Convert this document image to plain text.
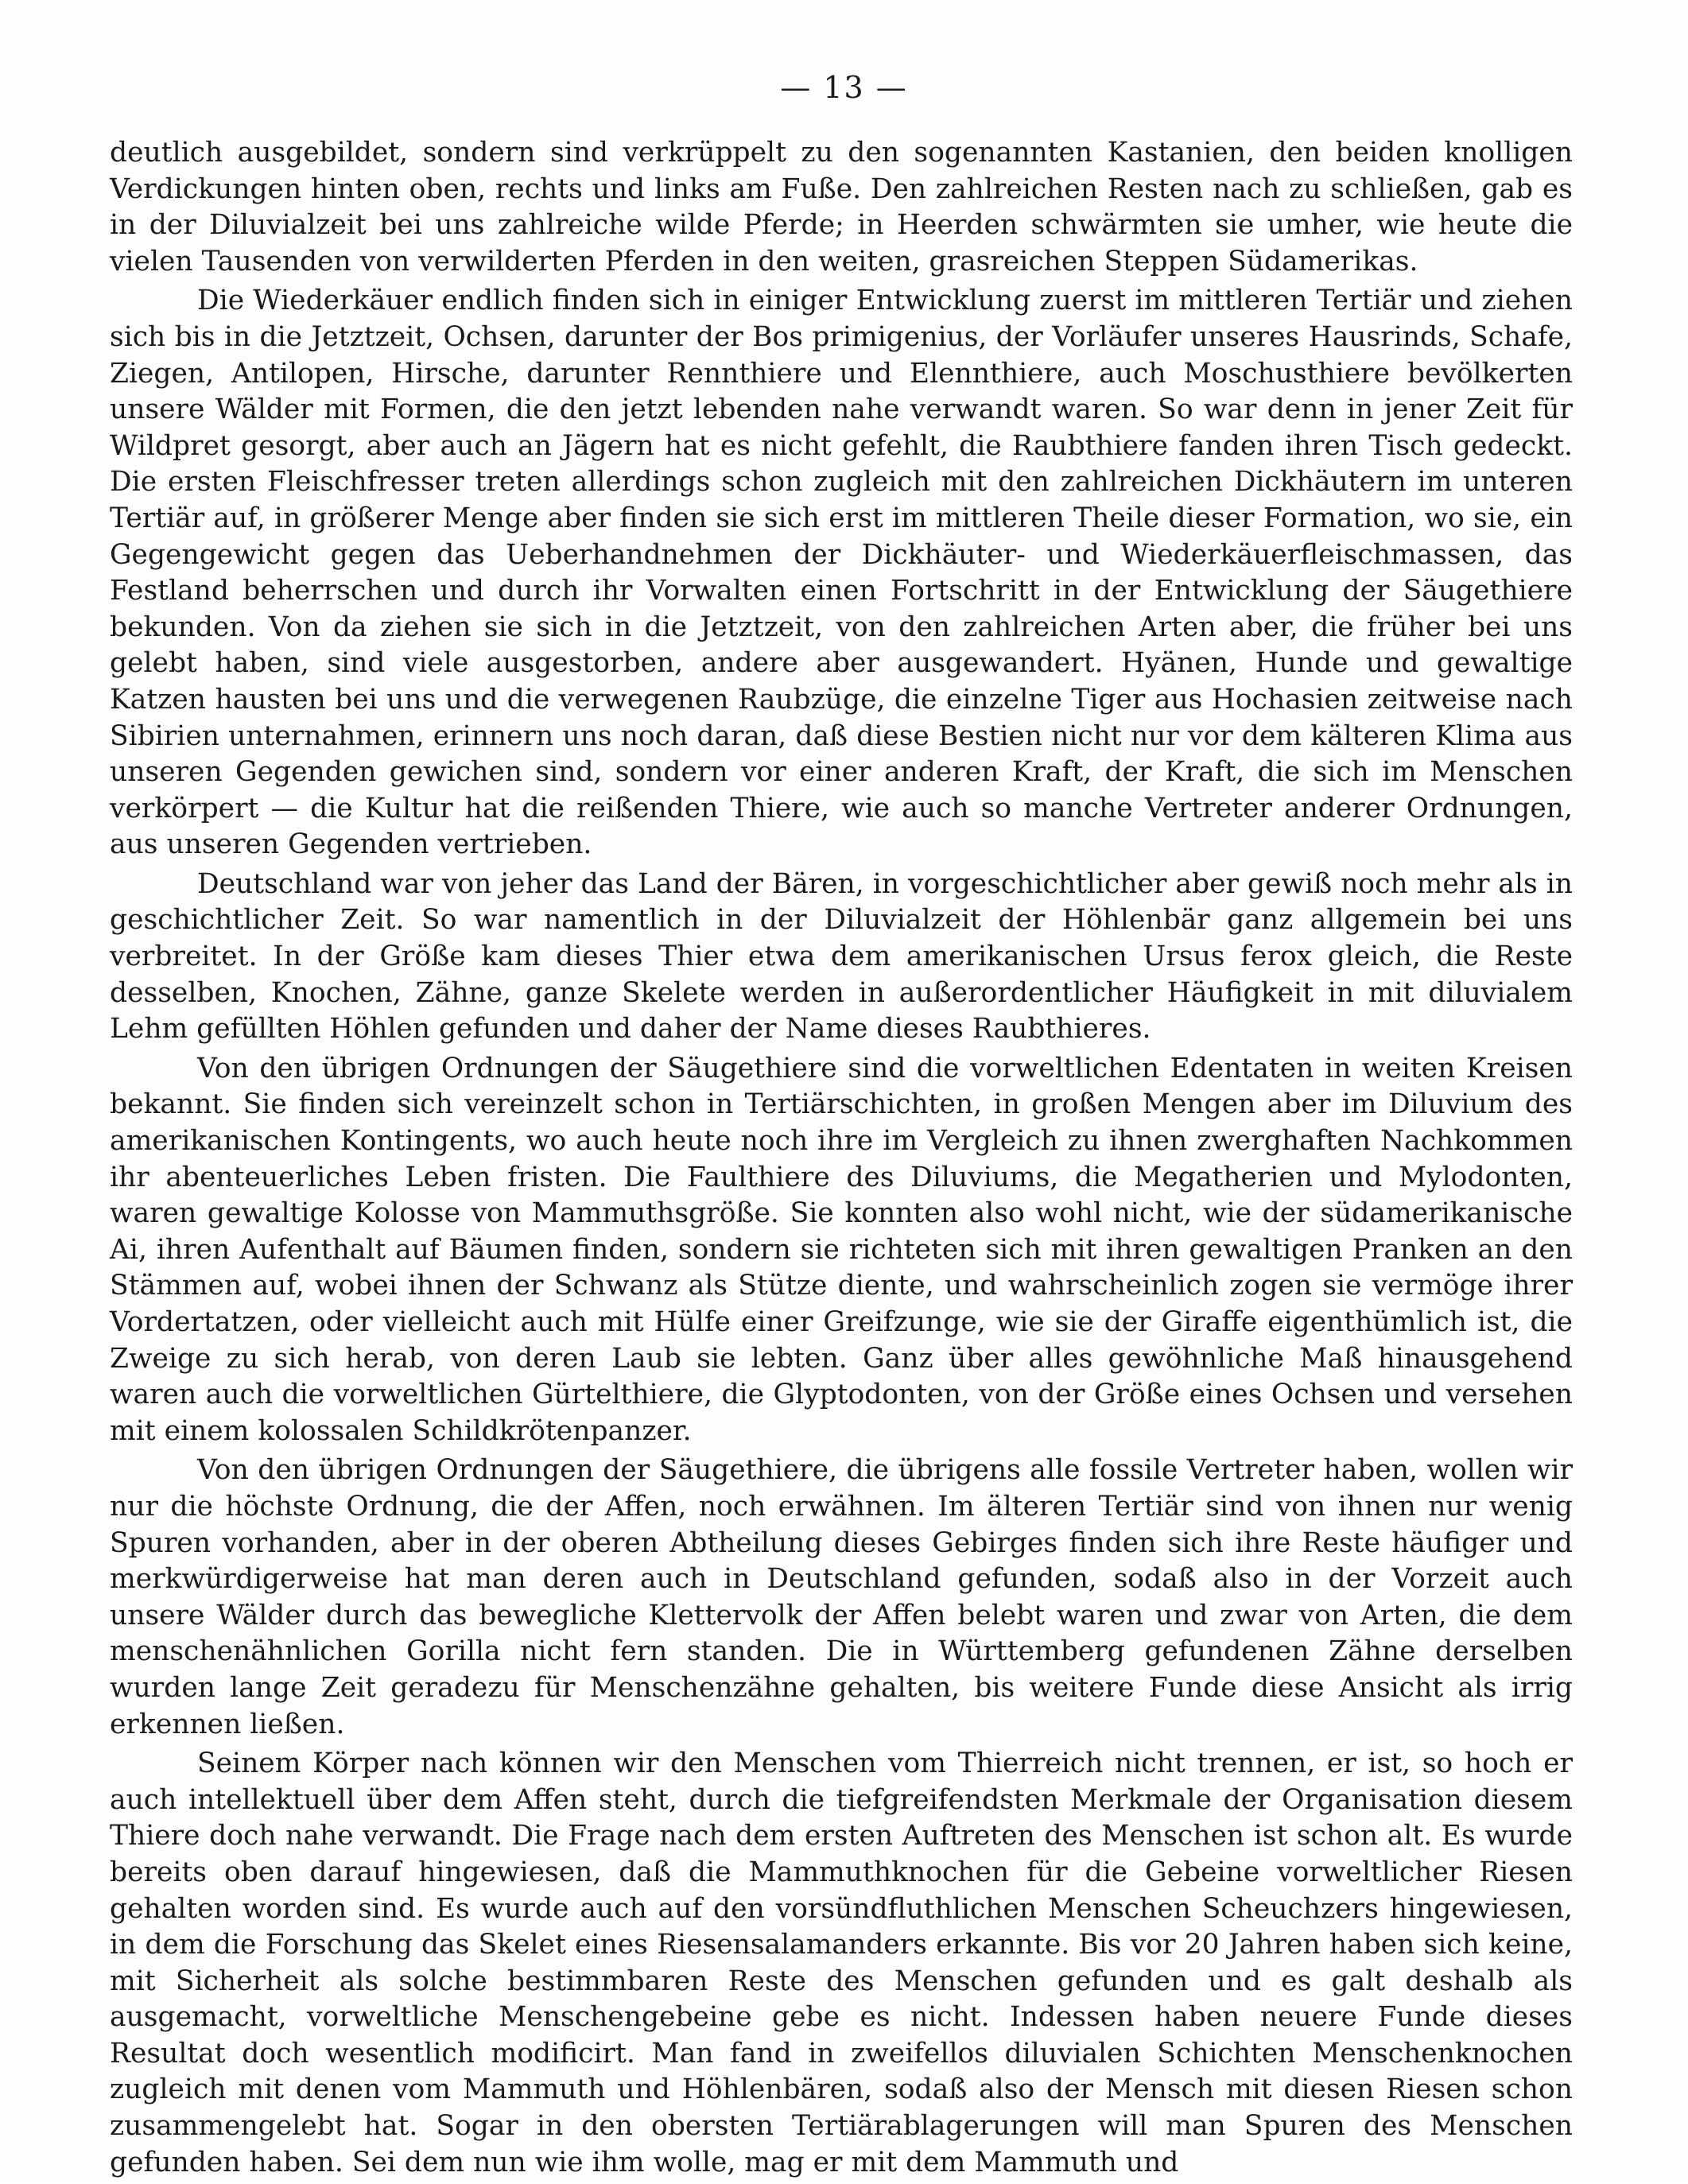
— 13 —

deutlich ausgebildet, sondern sind verkrüppelt zu den sogenannten Kastanien, den beiden knolligen Verdickungen hinten oben, rechts und links am Fuße. Den zahlreichen Resten nach zu schließen, gab es in der Diluvialzeit bei uns zahlreiche wilde Pferde; in Heerden schwärmten sie umher, wie heute die vielen Tausenden von verwilderten Pferden in den weiten, grasreichen Steppen Südamerikas.

Die Wiederkäuer endlich finden sich in einiger Entwicklung zuerst im mittleren Tertiär und ziehen sich bis in die Jetztzeit, Ochsen, darunter der Bos primigenius, der Vorläufer unseres Hausrinds, Schafe, Ziegen, Antilopen, Hirsche, darunter Rennthiere und Elennthiere, auch Moschusthiere bevölkerten unsere Wälder mit Formen, die den jetzt lebenden nahe verwandt waren. So war denn in jener Zeit für Wildpret gesorgt, aber auch an Jägern hat es nicht gefehlt, die Raubthiere fanden ihren Tisch gedeckt. Die ersten Fleischfresser treten allerdings schon zugleich mit den zahlreichen Dickhäutern im unteren Tertiär auf, in größerer Menge aber finden sie sich erst im mittleren Theile dieser Formation, wo sie, ein Gegengewicht gegen das Ueberhandnehmen der Dickhäuter- und Wiederkäuerfleischmassen, das Festland beherrschen und durch ihr Vorwalten einen Fortschritt in der Entwicklung der Säugethiere bekunden. Von da ziehen sie sich in die Jetztzeit, von den zahlreichen Arten aber, die früher bei uns gelebt haben, sind viele ausgestorben, andere aber ausgewandert. Hyänen, Hunde und gewaltige Katzen hausten bei uns und die verwegenen Raubzüge, die einzelne Tiger aus Hochasien zeitweise nach Sibirien unternahmen, erinnern uns noch daran, daß diese Bestien nicht nur vor dem kälteren Klima aus unseren Gegenden gewichen sind, sondern vor einer anderen Kraft, der Kraft, die sich im Menschen verkörpert — die Kultur hat die reißenden Thiere, wie auch so manche Vertreter anderer Ordnungen, aus unseren Gegenden vertrieben.

Deutschland war von jeher das Land der Bären, in vorgeschichtlicher aber gewiß noch mehr als in geschichtlicher Zeit. So war namentlich in der Diluvialzeit der Höhlenbär ganz allgemein bei uns verbreitet. In der Größe kam dieses Thier etwa dem amerikanischen Ursus ferox gleich, die Reste desselben, Knochen, Zähne, ganze Skelete werden in außerordentlicher Häufigkeit in mit diluvialem Lehm gefüllten Höhlen gefunden und daher der Name dieses Raubthieres.

Von den übrigen Ordnungen der Säugethiere sind die vorweltlichen Edentaten in weiten Kreisen bekannt. Sie finden sich vereinzelt schon in Tertiärschichten, in großen Mengen aber im Diluvium des amerikanischen Kontingents, wo auch heute noch ihre im Vergleich zu ihnen zwerghaften Nachkommen ihr abenteuerliches Leben fristen. Die Faulthiere des Diluviums, die Megatherien und Mylodonten, waren gewaltige Kolosse von Mammuthsgröße. Sie konnten also wohl nicht, wie der südamerikanische Ai, ihren Aufenthalt auf Bäumen finden, sondern sie richteten sich mit ihren gewaltigen Pranken an den Stämmen auf, wobei ihnen der Schwanz als Stütze diente, und wahrscheinlich zogen sie vermöge ihrer Vordertatzen, oder vielleicht auch mit Hülfe einer Greifzunge, wie sie der Giraffe eigenthümlich ist, die Zweige zu sich herab, von deren Laub sie lebten. Ganz über alles gewöhnliche Maß hinausgehend waren auch die vorweltlichen Gürtelthiere, die Glyptodonten, von der Größe eines Ochsen und versehen mit einem kolossalen Schildkrötenpanzer.

Von den übrigen Ordnungen der Säugethiere, die übrigens alle fossile Vertreter haben, wollen wir nur die höchste Ordnung, die der Affen, noch erwähnen. Im älteren Tertiär sind von ihnen nur wenig Spuren vorhanden, aber in der oberen Abtheilung dieses Gebirges finden sich ihre Reste häufiger und merkwürdigerweise hat man deren auch in Deutschland gefunden, sodaß also in der Vorzeit auch unsere Wälder durch das bewegliche Klettervolk der Affen belebt waren und zwar von Arten, die dem menschenähnlichen Gorilla nicht fern standen. Die in Württemberg gefundenen Zähne derselben wurden lange Zeit geradezu für Menschenzähne gehalten, bis weitere Funde diese Ansicht als irrig erkennen ließen.

Seinem Körper nach können wir den Menschen vom Thierreich nicht trennen, er ist, so hoch er auch intellektuell über dem Affen steht, durch die tiefgreifendsten Merkmale der Organisation diesem Thiere doch nahe verwandt. Die Frage nach dem ersten Auftreten des Menschen ist schon alt. Es wurde bereits oben darauf hingewiesen, daß die Mammuthknochen für die Gebeine vorweltlicher Riesen gehalten worden sind. Es wurde auch auf den vorsündfluthlichen Menschen Scheuchzers hingewiesen, in dem die Forschung das Skelet eines Riesensalamanders erkannte. Bis vor 20 Jahren haben sich keine, mit Sicherheit als solche bestimmbaren Reste des Menschen gefunden und es galt deshalb als ausgemacht, vorweltliche Menschengebeine gebe es nicht. Indessen haben neuere Funde dieses Resultat doch wesentlich modificirt. Man fand in zweifellos diluvialen Schichten Menschenknochen zugleich mit denen vom Mammuth und Höhlenbären, sodaß also der Mensch mit diesen Riesen schon zusammengelebt hat. Sogar in den obersten Tertiärablagerungen will man Spuren des Menschen gefunden haben. Sei dem nun wie ihm wolle, mag er mit dem Mammuth und
